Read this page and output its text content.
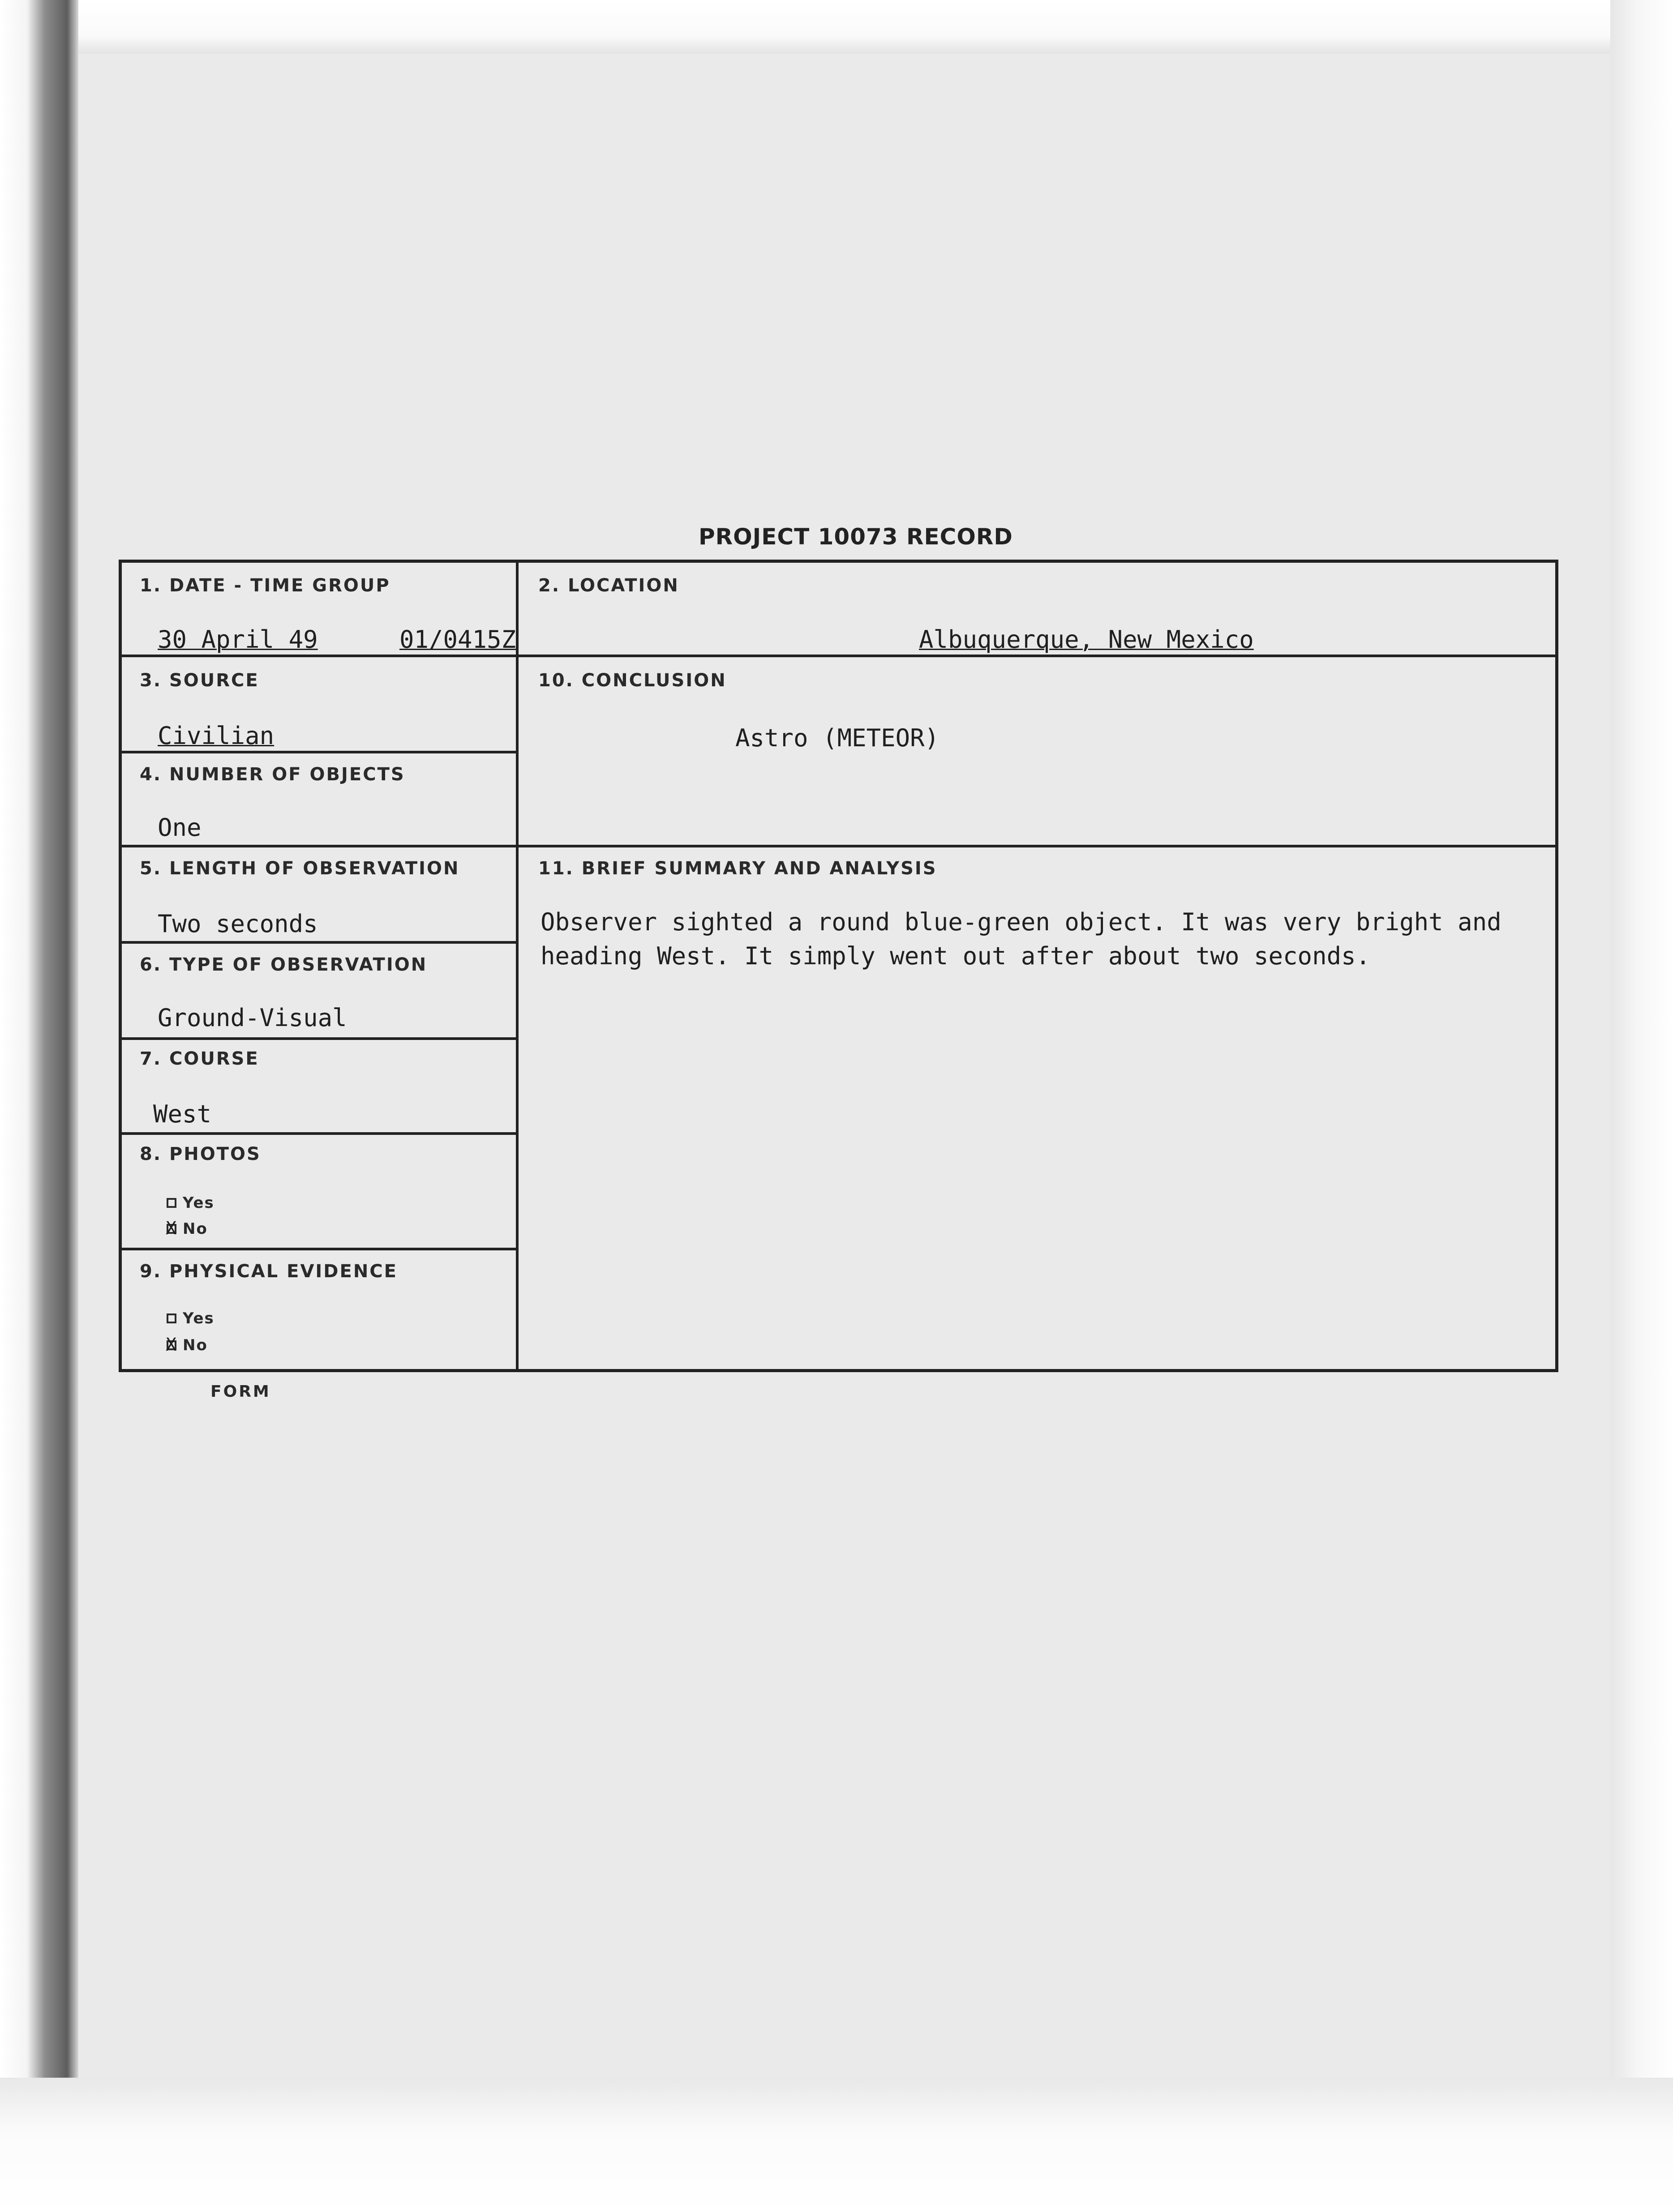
PROJECT 10073 RECORD
1. DATE - TIME GROUP
30 April 49	01/0415Z
2. LOCATION
Albuquerque, New Mexico
3. SOURCE
Civilian
10. CONCLUSION
Astro (METEOR)
4. NUMBER OF OBJECTS
One
5. LENGTH OF OBSERVATION
Two seconds
11. BRIEF SUMMARY AND ANALYSIS
Observer sighted a round blue-green object. It was very bright and heading West. It simply went out after about two seconds.
6. TYPE OF OBSERVATION
Ground-Visual
7. COURSE
West
8. PHOTOS
Yes
X
No
9. PHYSICAL EVIDENCE
Yes
X
No
FORM
